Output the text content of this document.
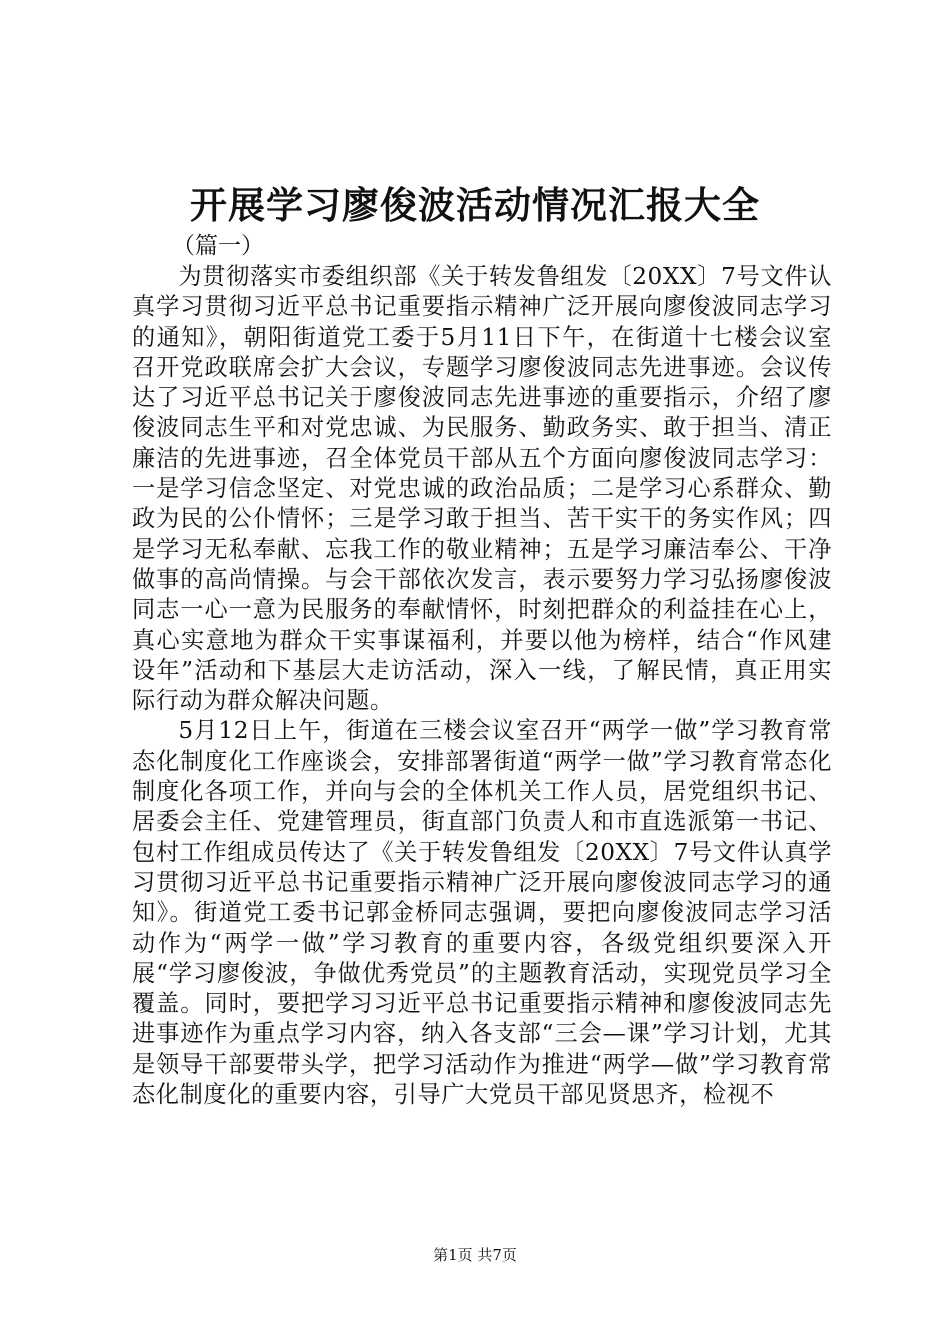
开展学习廖俊波活动情况汇报大全
（篇一）

为贯彻落实市委组织部《关于转发鲁组发〔20XX〕7号文件认真学习贯彻习近平总书记重要指示精神广泛开展向廖俊波同志学习的通知》，朝阳街道党工委于5月11日下午，在街道十七楼会议室召开党政联席会扩大会议，专题学习廖俊波同志先进事迹。会议传达了习近平总书记关于廖俊波同志先进事迹的重要指示，介绍了廖俊波同志生平和对党忠诚、为民服务、勤政务实、敢于担当、清正廉洁的先进事迹，召全体党员干部从五个方面向廖俊波同志学习：一是学习信念坚定、对党忠诚的政治品质；二是学习心系群众、勤政为民的公仆情怀；三是学习敢于担当、苦干实干的务实作风；四是学习无私奉献、忘我工作的敬业精神；五是学习廉洁奉公、干净做事的高尚情操。与会干部依次发言，表示要努力学习弘扬廖俊波同志一心一意为民服务的奉献情怀，时刻把群众的利益挂在心上，真心实意地为群众干实事谋福利，并要以他为榜样，结合“作风建设年”活动和下基层大走访活动，深入一线，了解民情，真正用实际行动为群众解决问题。

5月12日上午，街道在三楼会议室召开“两学一做”学习教育常态化制度化工作座谈会，安排部署街道“两学一做”学习教育常态化制度化各项工作，并向与会的全体机关工作人员，居党组织书记、居委会主任、党建管理员，街直部门负责人和市直选派第一书记、包村工作组成员传达了《关于转发鲁组发〔20XX〕7号文件认真学习贯彻习近平总书记重要指示精神广泛开展向廖俊波同志学习的通知》。街道党工委书记郭金桥同志强调，要把向廖俊波同志学习活动作为“两学一做”学习教育的重要内容，各级党组织要深入开展“学习廖俊波，争做优秀党员”的主题教育活动，实现党员学习全覆盖。同时，要把学习习近平总书记重要指示精神和廖俊波同志先进事迹作为重点学习内容，纳入各支部“三会—课”学习计划，尤其是领导干部要带头学，把学习活动作为推进“两学—做”学习教育常态化制度化的重要内容，引导广大党员干部见贤思齐，检视不

第1页 共7页
